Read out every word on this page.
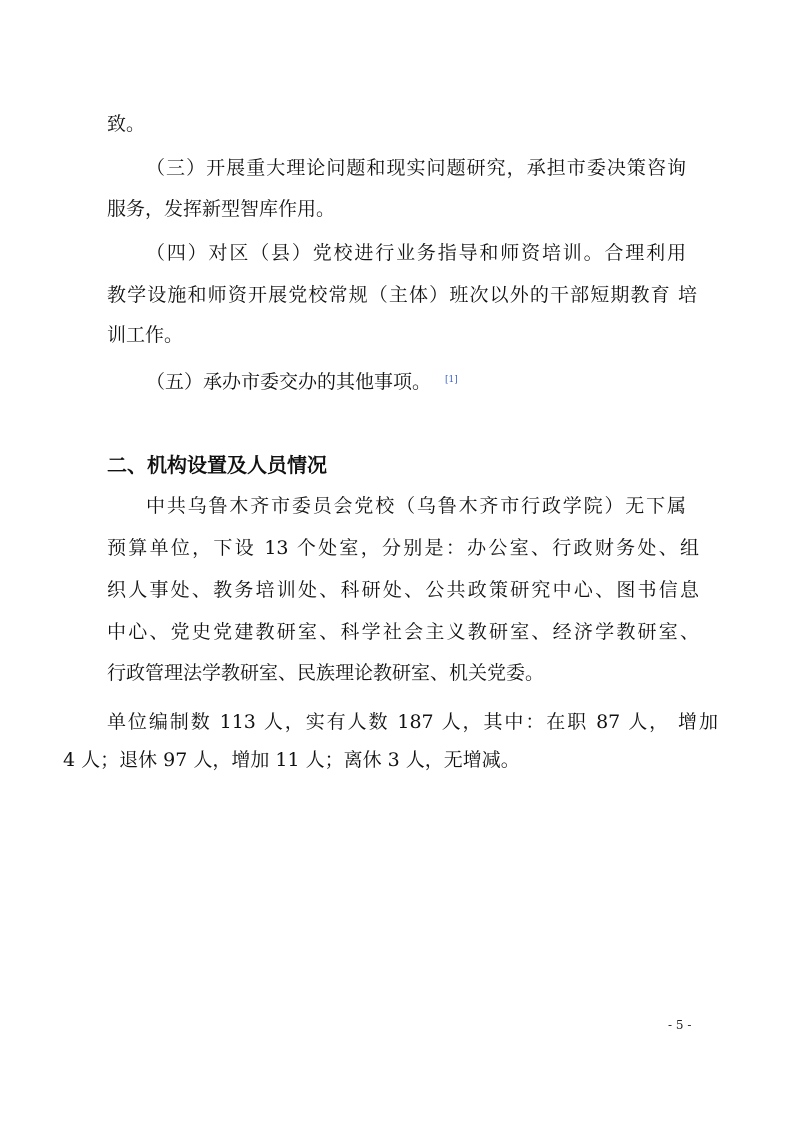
致。
（三）开展重大理论问题和现实问题研究，承担市委决策咨询
服务，发挥新型智库作用。
（四）对区（县）党校进行业务指导和师资培训。合理利用
教学设施和师资开展党校常规（主体）班次以外的干部短期教育 培
训工作。
（五）承办市委交办的其他事项。 [1]
二、机构设置及人员情况
中共乌鲁木齐市委员会党校（乌鲁木齐市行政学院）无下属
预算单位，下设 13 个处室，分别是：办公室、行政财务处、组
织人事处、教务培训处、科研处、公共政策研究中心、图书信息
中心、党史党建教研室、科学社会主义教研室、经济学教研室、
行政管理法学教研室、民族理论教研室、机关党委。
单位编制数 113 人，实有人数 187 人，其中：在职 87 人， 增加
4 人；退休 97 人，增加 11 人；离休 3 人，无增减。
- 5 -
